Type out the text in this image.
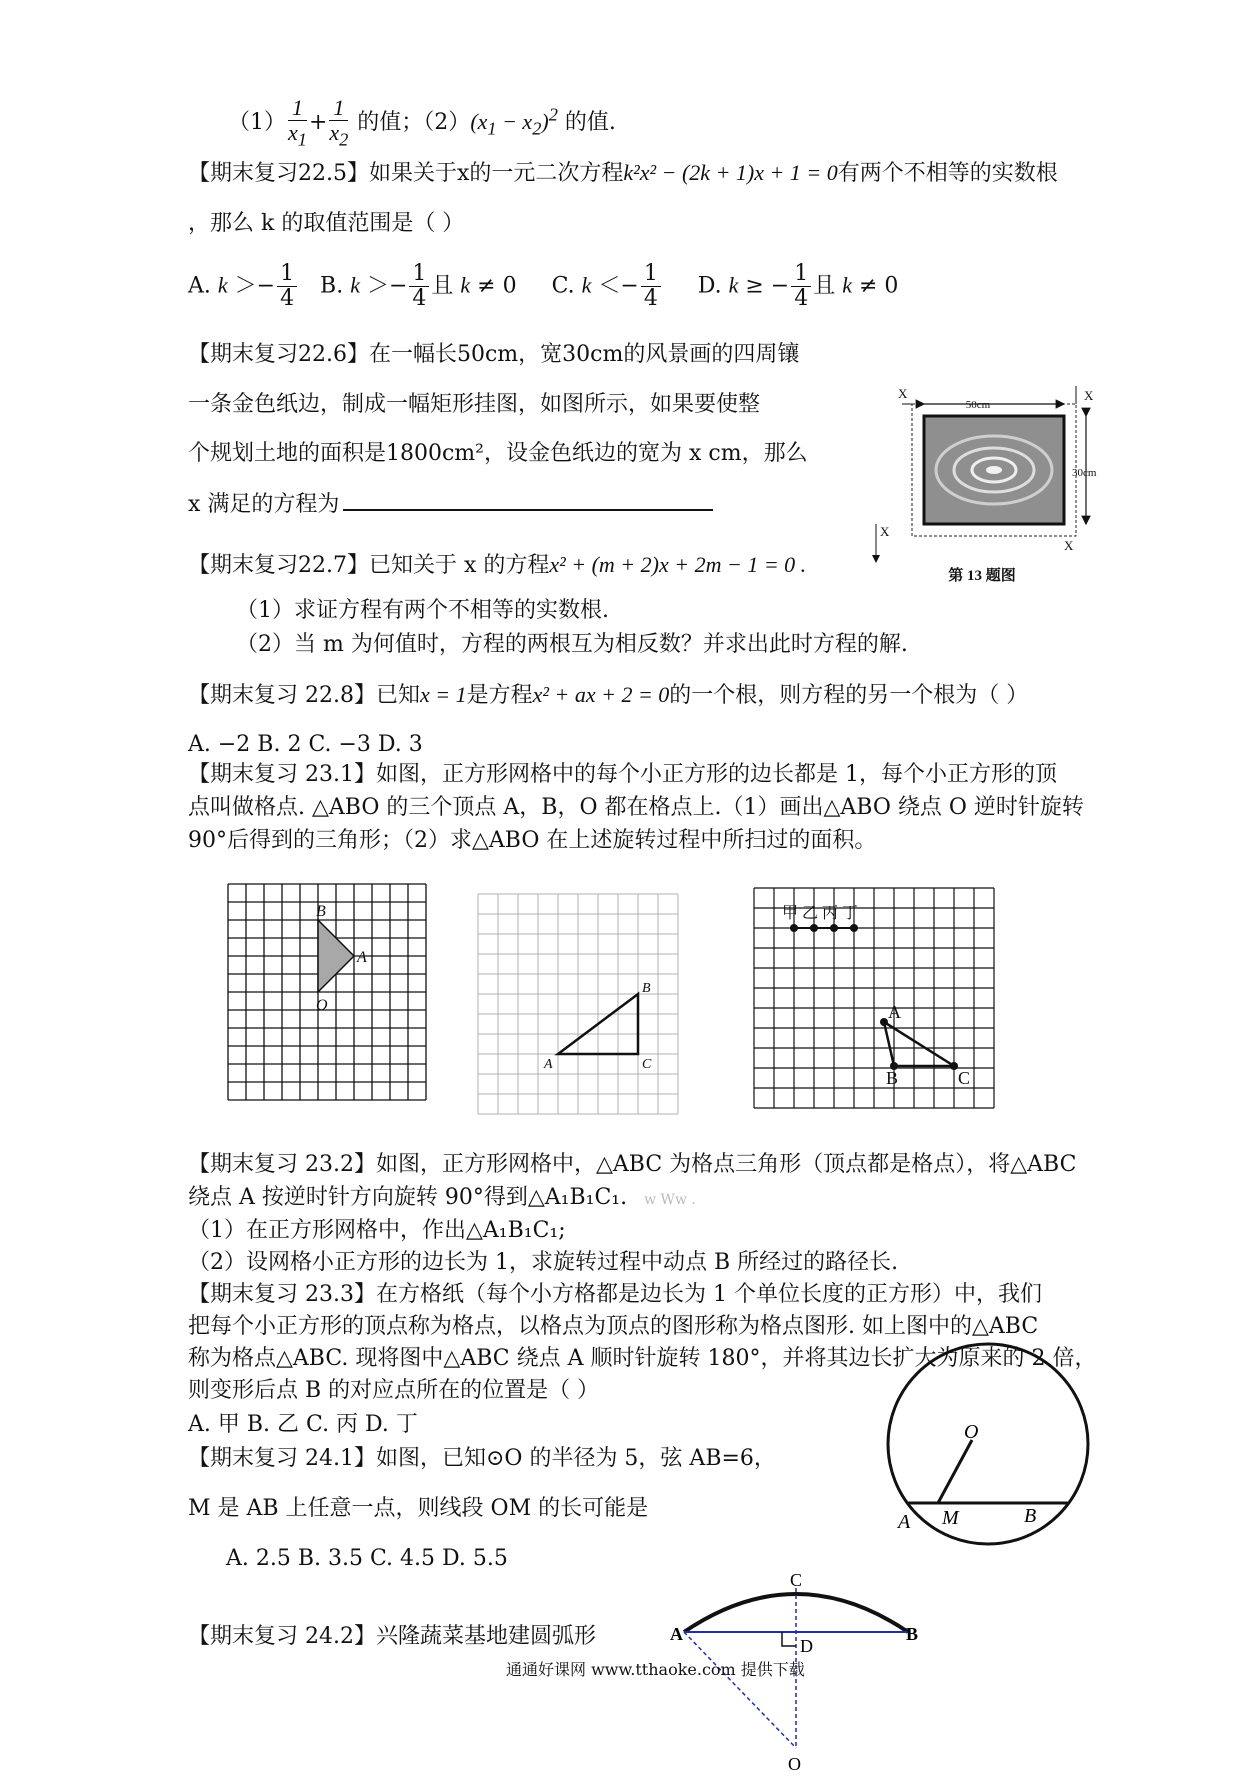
$(1) \frac{1}{x_1} + \frac{1}{x_2}$ 的值；$(2)(x_1 - x_2)^2$ 的值.
【期末复习22.5】如果关于x的一元二次方程k²x² − (2k + 1)x + 1 = 0有两个不相等的实数根
，那么 k 的取值范围是（ ）
A. $k >- \frac{1}{4} B$. $k >- \frac{1}{4}$ 且 k ≠ 0     C. $k <- \frac{1}{4} D$. k ≥ − $\frac{1}{4}$ 且 k ≠ 0
【期末复习22.6】在一幅长50cm，宽30cm的风景画的四周镶
一条金色纸边，制成一幅矩形挂图，如图所示，如果要使整
个规划土地的面积是1800cm²，设金色纸边的宽为 x cm，那么
x 满足的方程为
50cm
30cm
X	X
X
X
第 13 题图
【期末复习22.7】已知关于 x 的方程x² + (m + 2)x + 2m − 1 = 0 .
（1）求证方程有两个不相等的实数根.
（2）当 m 为何值时，方程的两根互为相反数？并求出此时方程的解.
【期末复习 22.8】已知x = 1是方程x² + ax + 2 = 0的一个根，则方程的另一个根为（ ）
A. −2 B. 2 C. −3 D. 3
【期末复习 23.1】如图，正方形网格中的每个小正方形的边长都是 1，每个小正方形的顶
点叫做格点. △ABO 的三个顶点 A，B，O 都在格点上.（1）画出△ABO 绕点 O 逆时针旋转
90°后得到的三角形；（2）求△ABO 在上述旋转过程中所扫过的面积。
B
A
O
B
A	C
甲 乙 丙 丁
A
B	C
【期末复习 23.2】如图，正方形网格中，△ABC 为格点三角形（顶点都是格点），将△ABC
绕点 A 按逆时针方向旋转 90°得到△A₁B₁C₁. w Ww .
（1）在正方形网格中，作出△A₁B₁C₁;
（2）设网格小正方形的边长为 1，求旋转过程中动点 B 所经过的路径长.
【期末复习 23.3】在方格纸（每个小方格都是边长为 1 个单位长度的正方形）中，我们
把每个小正方形的顶点称为格点，以格点为顶点的图形称为格点图形. 如上图中的△ABC
称为格点△ABC. 现将图中△ABC 绕点 A 顺时针旋转 180°，并将其边长扩大为原来的 2 倍，
则变形后点 B 的对应点所在的位置是（ ）
A. 甲 B. 乙 C. 丙 D. 丁
【期末复习 24.1】如图，已知⊙O 的半径为 5，弦 AB=6，
M 是 AB 上任意一点，则线段 OM 的长可能是
A. 2.5 B. 3.5 C. 4.5 D. 5.5
O
A M	B
【期末复习 24.2】兴隆蔬菜基地建圆弧形
C
A
D
B
O
通通好课网 www.tthaoke.com 提供下载
